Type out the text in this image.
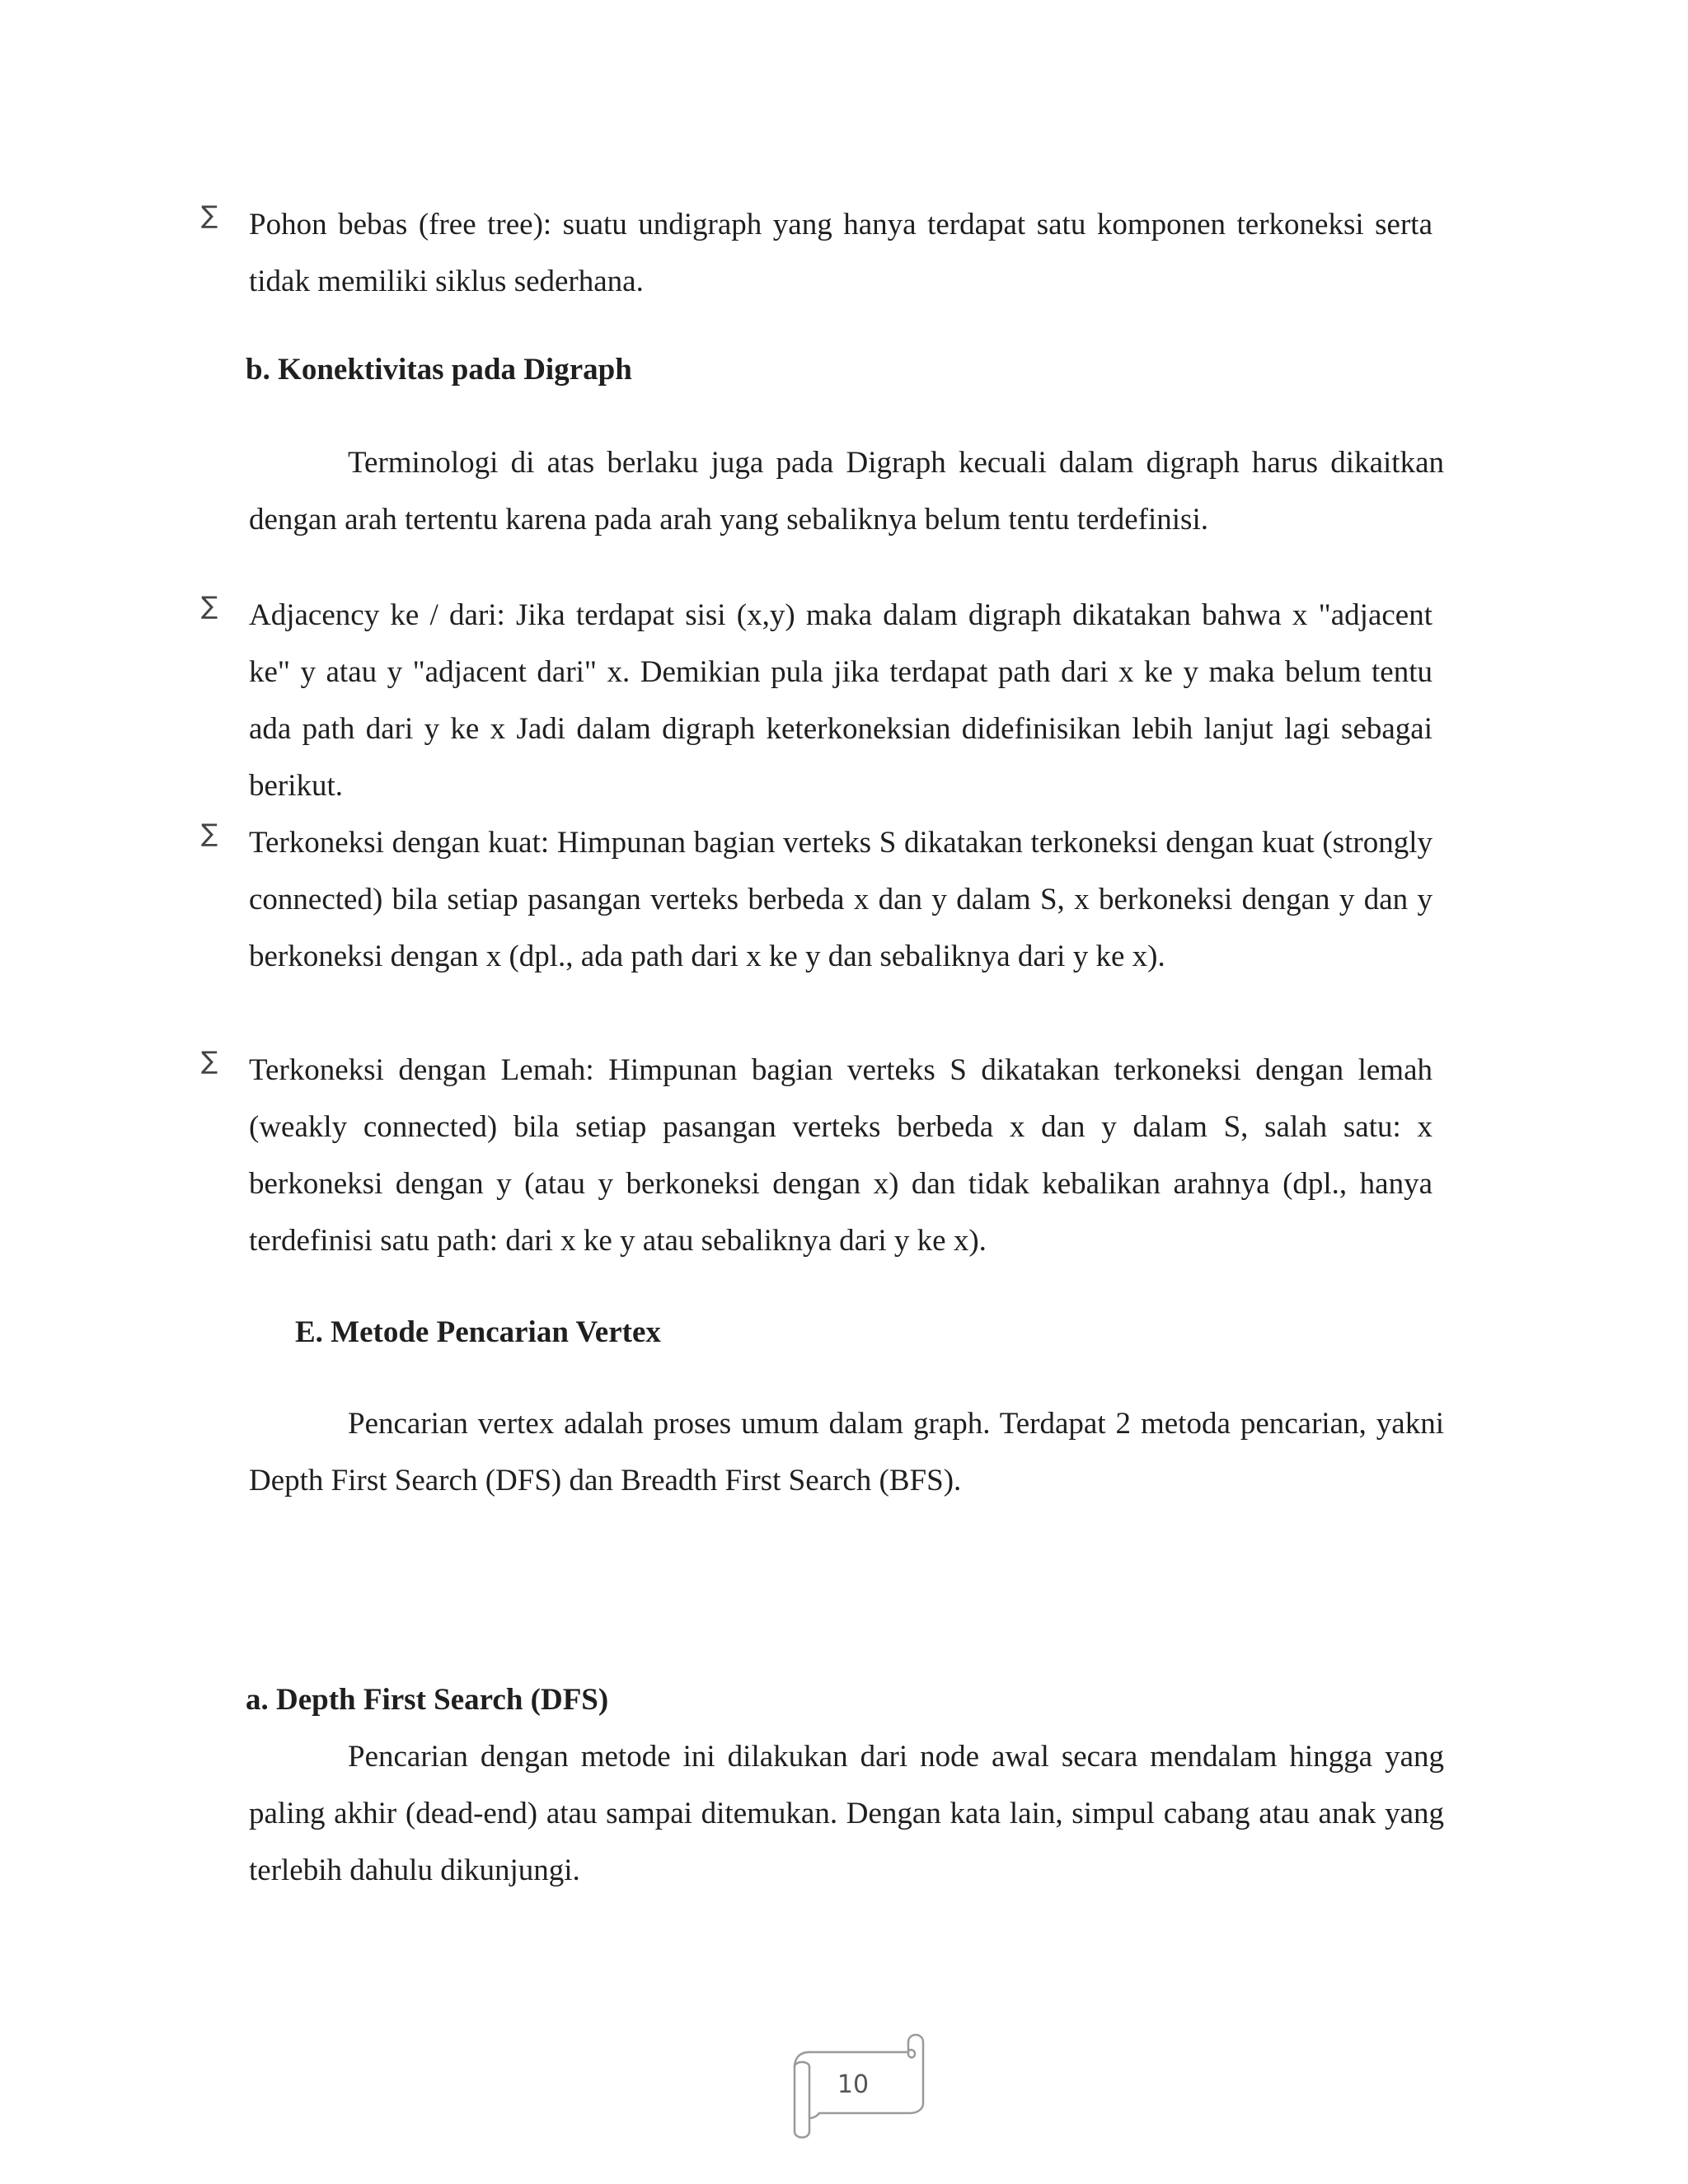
∑ Pohon bebas (free tree): suatu undigraph yang hanya terdapat satu komponen terkoneksi serta tidak memiliki siklus sederhana.

b. Konektivitas pada Digraph

Terminologi di atas berlaku juga pada Digraph kecuali dalam digraph harus dikaitkan dengan arah tertentu karena pada arah yang sebaliknya belum tentu terdefinisi.

∑ Adjacency ke / dari: Jika terdapat sisi (x,y) maka dalam digraph dikatakan bahwa x "adjacent ke" y atau y "adjacent dari" x. Demikian pula jika terdapat path dari x ke y maka belum tentu ada path dari y ke x Jadi dalam digraph keterkoneksian didefinisikan lebih lanjut lagi sebagai berikut.

∑ Terkoneksi dengan kuat: Himpunan bagian verteks S dikatakan terkoneksi dengan kuat (strongly connected) bila setiap pasangan verteks berbeda x dan y dalam S, x berkoneksi dengan y dan y berkoneksi dengan x (dpl., ada path dari x ke y dan sebaliknya dari y ke x).

∑ Terkoneksi dengan Lemah: Himpunan bagian verteks S dikatakan terkoneksi dengan lemah (weakly connected) bila setiap pasangan verteks berbeda x dan y dalam S, salah satu: x berkoneksi dengan y (atau y berkoneksi dengan x) dan tidak kebalikan arahnya (dpl., hanya terdefinisi satu path: dari x ke y atau sebaliknya dari y ke x).

E. Metode Pencarian Vertex

Pencarian vertex adalah proses umum dalam graph. Terdapat 2 metoda pencarian, yakni Depth First Search (DFS) dan Breadth First Search (BFS).

a. Depth First Search (DFS)

Pencarian dengan metode ini dilakukan dari node awal secara mendalam hingga yang paling akhir (dead-end) atau sampai ditemukan. Dengan kata lain, simpul cabang atau anak yang terlebih dahulu dikunjungi.

10
